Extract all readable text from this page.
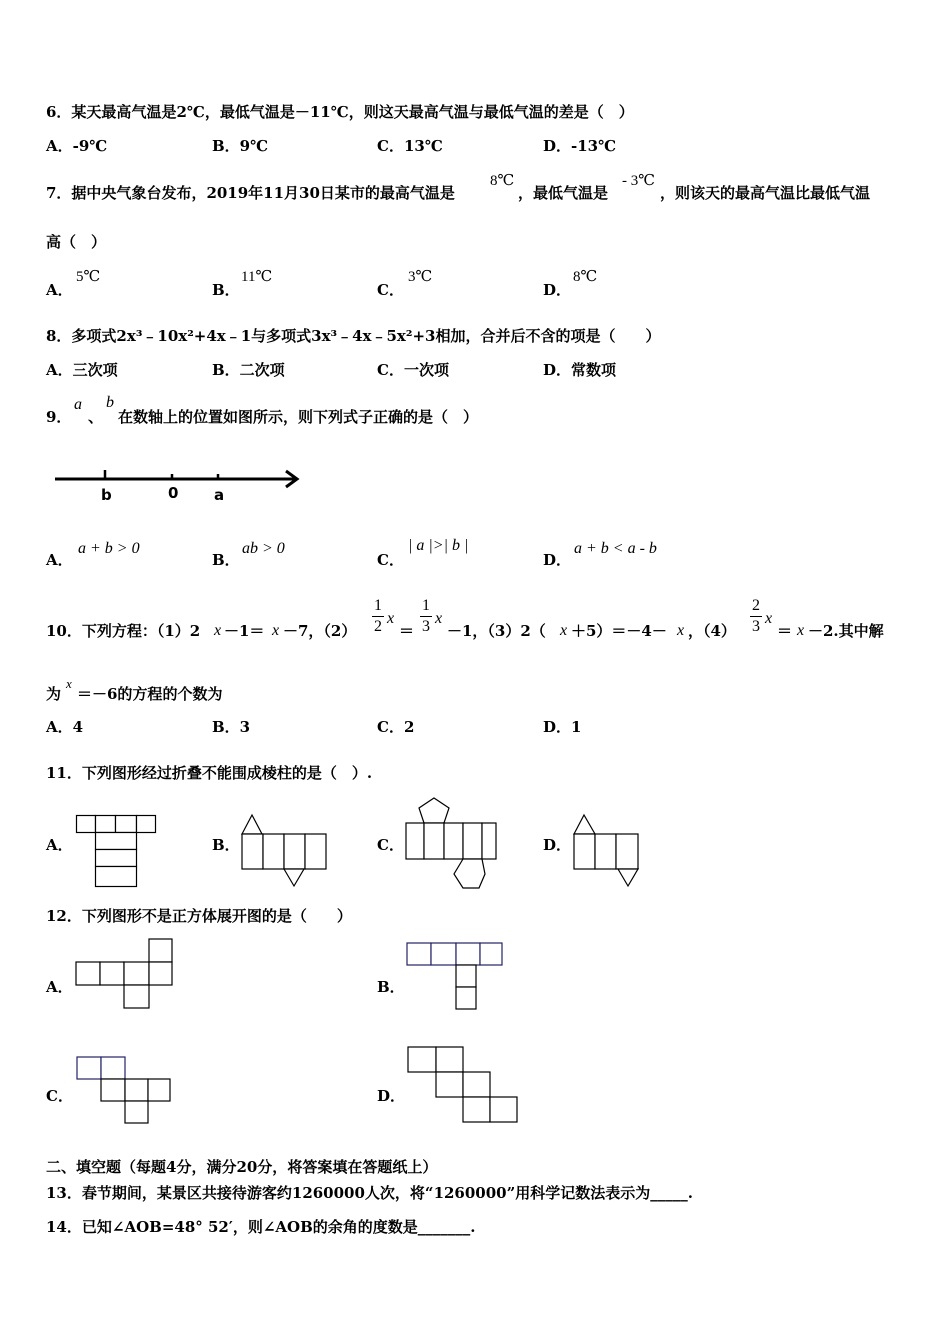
6．某天最高气温是2℃，最低气温是－11℃，则这天最高气温与最低气温的差是（　）
A．-9℃	B．9℃	C．13℃	D．-13℃
7．据中央气象台发布，2019年11月30日某市的最高气温是
8℃
，最低气温是
- 3℃
，则该天的最高气温比最低气温
高（　）
A．
5℃
B．
11℃
C．
3℃
D．
8℃
8．多项式2x³﹣10x²+4x﹣1与多项式3x³﹣4x﹣5x²+3相加，合并后不含的项是（　　）
A．三次项	B．二次项	C．一次项	D．常数项
9．
a
、
b
在数轴上的位置如图所示，则下列式子正确的是（　）
b	0 a
A．
a + b > 0
B．
ab > 0
C．
| a |>| b |
D．
a + b < a - b
10．下列方程：（1）2 x －1＝ x －7，（2）
1
2 x
＝
1
3 x
－1，（3）2（ x ＋5）＝－4－ x ，（4）
2
3 x
＝ x －2.其中解
为
x
＝－6的方程的个数为
A．4	B．3	C．2	D．1
11．下列图形经过折叠不能围成棱柱的是（　）.
A．	B．	C．	D．
12．下列图形不是正方体展开图的是（　　）
A．	B．
C．	D．
二、填空题（每题4分，满分20分，将答案填在答题纸上）
13．春节期间，某景区共接待游客约1260000人次，将“1260000”用科学记数法表示为_____.
14．已知∠AOB=48° 52′，则∠AOB的余角的度数是_______.
